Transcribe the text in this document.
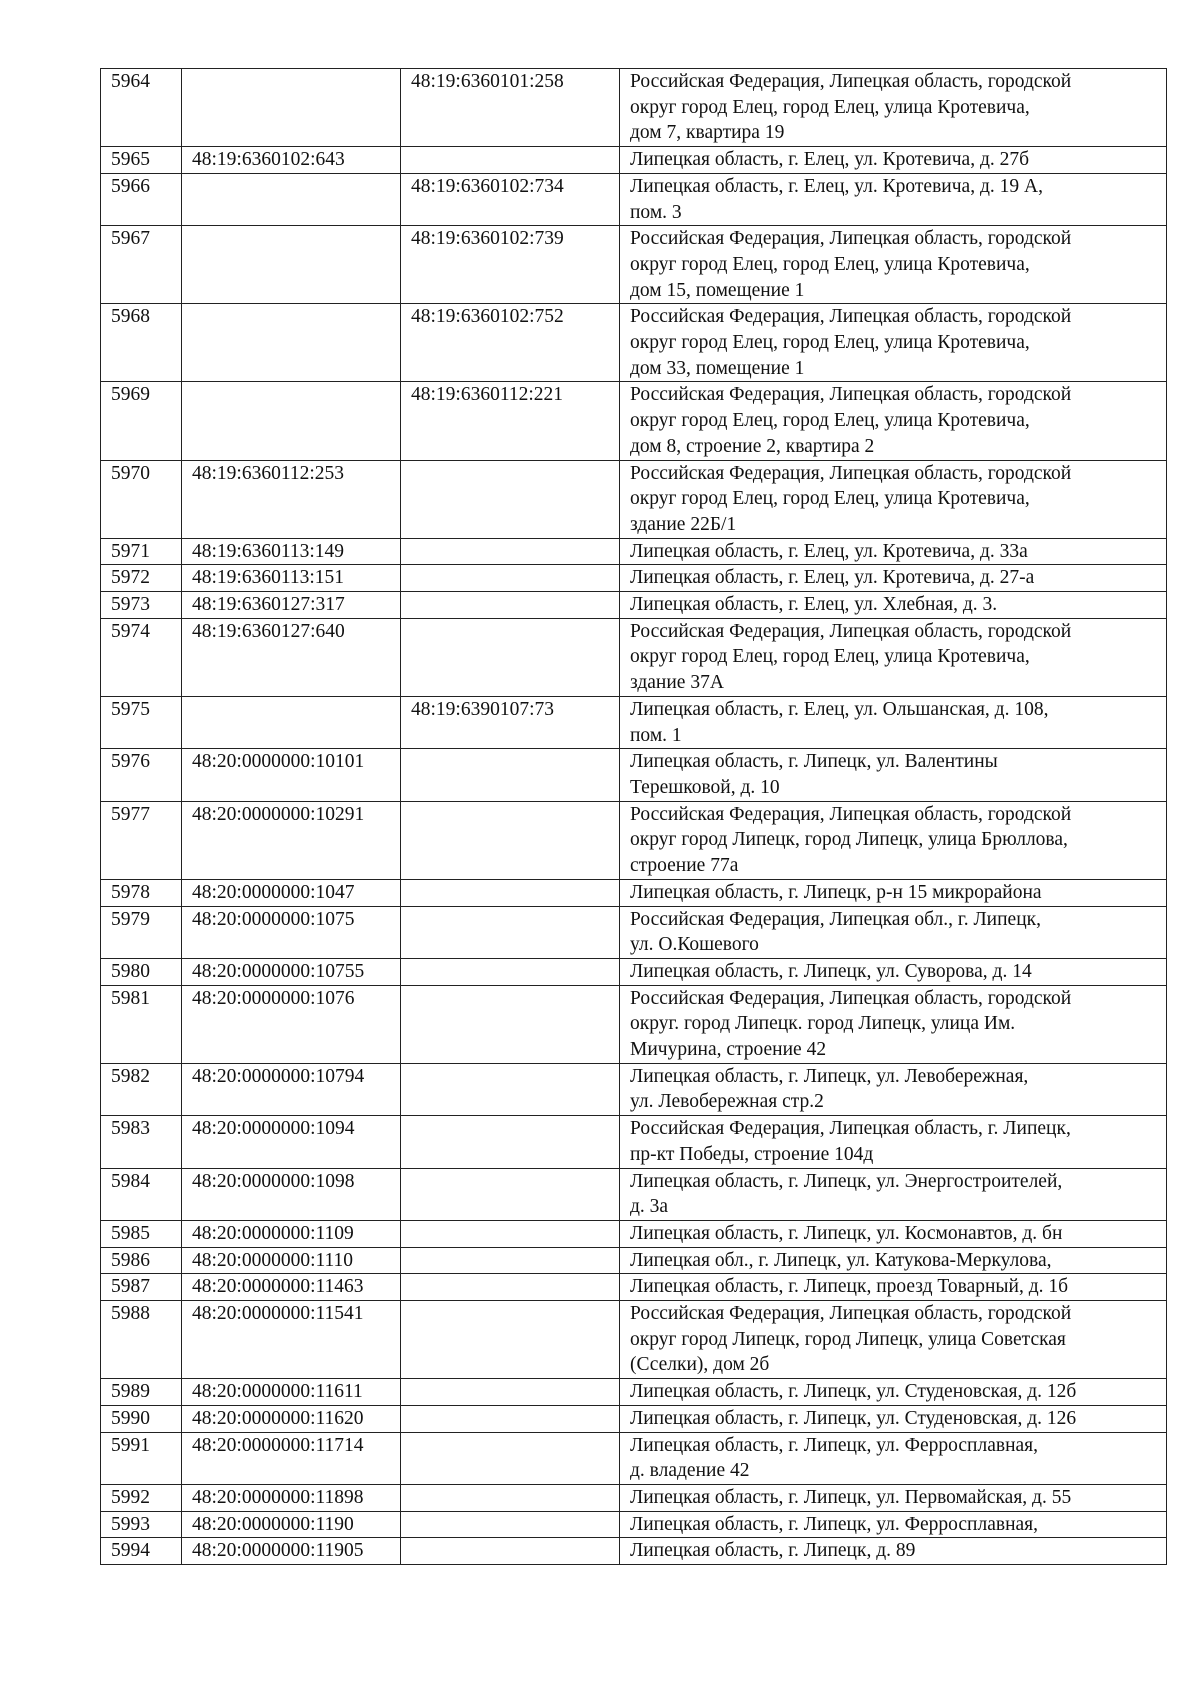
5964		48:19:6360101:258	Российская Федерация, Липецкая область, городской
округ город Елец, город Елец, улица Кротевича,
дом 7, квартира 19
5965	48:19:6360102:643		Липецкая область, г. Елец, ул. Кротевича, д. 27б
5966		48:19:6360102:734	Липецкая область, г. Елец, ул. Кротевича, д. 19 А,
пом. 3
5967		48:19:6360102:739	Российская Федерация, Липецкая область, городской
округ город Елец, город Елец, улица Кротевича,
дом 15, помещение 1
5968		48:19:6360102:752	Российская Федерация, Липецкая область, городской
округ город Елец, город Елец, улица Кротевича,
дом 33, помещение 1
5969		48:19:6360112:221	Российская Федерация, Липецкая область, городской
округ город Елец, город Елец, улица Кротевича,
дом 8, строение 2, квартира 2
5970	48:19:6360112:253		Российская Федерация, Липецкая область, городской
округ город Елец, город Елец, улица Кротевича,
здание 22Б/1
5971	48:19:6360113:149		Липецкая область, г. Елец, ул. Кротевича, д. 33а
5972	48:19:6360113:151		Липецкая область, г. Елец, ул. Кротевича, д. 27-а
5973	48:19:6360127:317		Липецкая область, г. Елец, ул. Хлебная, д. 3.
5974	48:19:6360127:640		Российская Федерация, Липецкая область, городской
округ город Елец, город Елец, улица Кротевича,
здание 37А
5975		48:19:6390107:73	Липецкая область, г. Елец, ул. Ольшанская, д. 108,
пом. 1
5976	48:20:0000000:10101		Липецкая область, г. Липецк, ул. Валентины
Терешковой, д. 10
5977	48:20:0000000:10291		Российская Федерация, Липецкая область, городской
округ город Липецк, город Липецк, улица Брюллова,
строение 77а
5978	48:20:0000000:1047		Липецкая область, г. Липецк, р-н 15 микрорайона
5979	48:20:0000000:1075		Российская Федерация, Липецкая обл., г. Липецк,
ул. О.Кошевого
5980	48:20:0000000:10755		Липецкая область, г. Липецк, ул. Суворова, д. 14
5981	48:20:0000000:1076		Российская Федерация, Липецкая область, городской
округ. город Липецк. город Липецк, улица Им.
Мичурина, строение 42
5982	48:20:0000000:10794		Липецкая область, г. Липецк, ул. Левобережная,
ул. Левобережная стр.2
5983	48:20:0000000:1094		Российская Федерация, Липецкая область, г. Липецк,
пр-кт Победы, строение 104д
5984	48:20:0000000:1098		Липецкая область, г. Липецк, ул. Энергостроителей,
д. 3а
5985	48:20:0000000:1109		Липецкая область, г. Липецк, ул. Космонавтов, д. бн
5986	48:20:0000000:1110		Липецкая обл., г. Липецк, ул. Катукова-Меркулова,
5987	48:20:0000000:11463		Липецкая область, г. Липецк, проезд Товарный, д. 1б
5988	48:20:0000000:11541		Российская Федерация, Липецкая область, городской
округ город Липецк, город Липецк, улица Советская
(Сселки), дом 2б
5989	48:20:0000000:11611		Липецкая область, г. Липецк, ул. Студеновская, д. 12б
5990	48:20:0000000:11620		Липецкая область, г. Липецк, ул. Студеновская, д. 126
5991	48:20:0000000:11714		Липецкая область, г. Липецк, ул. Ферросплавная,
д. владение 42
5992	48:20:0000000:11898		Липецкая область, г. Липецк, ул. Первомайская, д. 55
5993	48:20:0000000:1190		Липецкая область, г. Липецк, ул. Ферросплавная,
5994	48:20:0000000:11905		Липецкая область, г. Липецк, д. 89
